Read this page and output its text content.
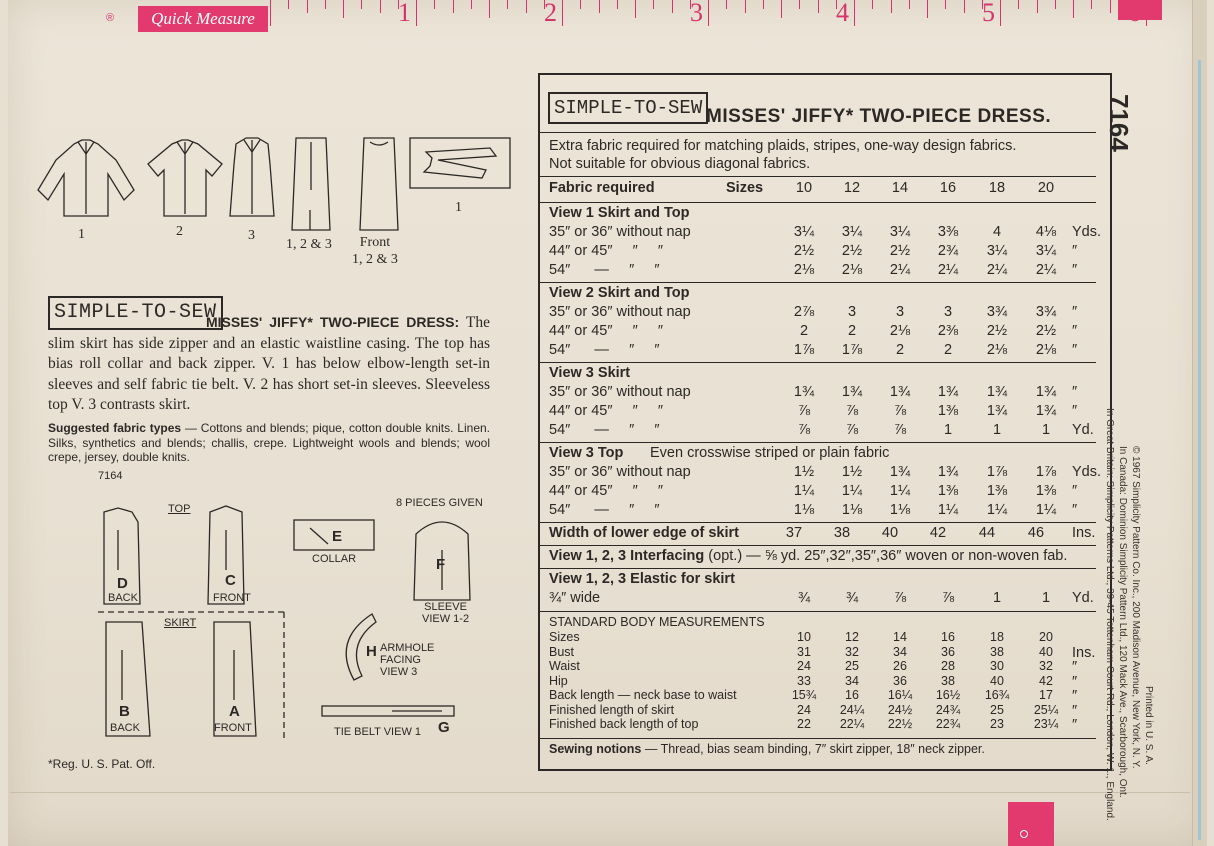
®	Quick Measure	1	2	3	4	5
1	2	3
1, 2 & 3	Front
1, 2 & 3
1
SIMPLE-TO-SEW
MISSES' JIFFY* TWO-PIECE DRESS: The slim skirt has side zipper and an elastic waistline casing. The top has bias roll collar and back zipper. V. 1 has below elbow-length set-in sleeves and self fabric tie belt. V. 2 has short set-in sleeves. Sleeveless top V. 3 contrasts skirt.
Suggested fabric types — Cottons and blends; pique, cotton double knits. Linen. Silks, synthetics and blends; challis, crepe. Lightweight wools and blends; wool crepe, jersey, double knits.
7164
8 PIECES GIVEN
*Reg. U. S. Pat. Off.
TOP
SKIRT
D
BACK
C
FRONT
E
COLLAR	F
SLEEVE
VIEW 1-2
B
BACK
A
FRONT
H ARMHOLE
FACING
VIEW 3
TIE BELT VIEW 1 G
SIMPLE-TO-SEW MISSES' JIFFY* TWO-PIECE DRESS. 7164
Extra fabric required for matching plaids, stripes, one-way design fabrics.
Not suitable for obvious diagonal fabrics.
Fabric required	Sizes	10	12	14	16	18	20
View 1 Skirt and Top
35″ or 36″ without nap	3¼	3¼	3¼	3⅜	4	4⅛	Yds.
44″ or 45″     ″     ″	2½	2½	2½	2¾	3¼	3¼	″
54″      —     ″     ″	2⅛	2⅛	2¼	2¼	2¼	2¼	″
View 2 Skirt and Top
35″ or 36″ without nap	2⅞	3	3	3	3¾	3¾	″
44″ or 45″     ″     ″	2	2	2⅛	2⅜	2½	2½	″
54″      —     ″     ″	1⅞	1⅞	2	2	2⅛	2⅛	″
View 3 Skirt
35″ or 36″ without nap	1¾	1¾	1¾	1¾	1¾	1¾	″
44″ or 45″     ″     ″	⅞	⅞	⅞	1⅜	1¾	1¾	″
54″      —     ″     ″	⅞	⅞	⅞	1	1	1	Yd.
View 3 Top Even crosswise striped or plain fabric
35″ or 36″ without nap	1½	1½	1¾	1¾	1⅞	1⅞	Yds.
44″ or 45″     ″     ″	1¼	1¼	1¼	1⅜	1⅜	1⅜	″
54″      —     ″     ″	1⅛	1⅛	1⅛	1¼	1¼	1¼	″
Width of lower edge of skirt	37	38	40	42	44	46	Ins.
View 1, 2, 3 Interfacing (opt.) — ⅝ yd. 25″,32″,35″,36″ woven or non-woven fab.
View 1, 2, 3 Elastic for skirt
¾″ wide	¾	¾	⅞	⅞	1	1	Yd.
STANDARD BODY MEASUREMENTS
Sizes	10	12	14	16	18	20
Bust	31	32	34	36	38	40	Ins.
Waist	24	25	26	28	30	32	″
Hip	33	34	36	38	40	42	″
Back length — neck base to waist	15¾	16	16¼	16½	16¾	17	″
Finished length of skirt	24	24¼	24½	24¾	25	25¼ ″
Finished back length of top	22	22¼	22½	22¾	23	23¼ ″
Sewing notions — Thread, bias seam binding, 7″ skirt zipper, 18″ neck zipper.	© 1967 Simplicity Pattern Co. Inc., 200 Madison Avenue, New York, N. Y.
In Canada: Dominion Simplicity Pattern Ltd., 120 Mack Ave., Scarborough, Ont.
In Great Britain: Simplicity Patterns Ltd., 39-45 Tottenham Court Rd., London, W. 1., England.	Printed in U. S. A.
